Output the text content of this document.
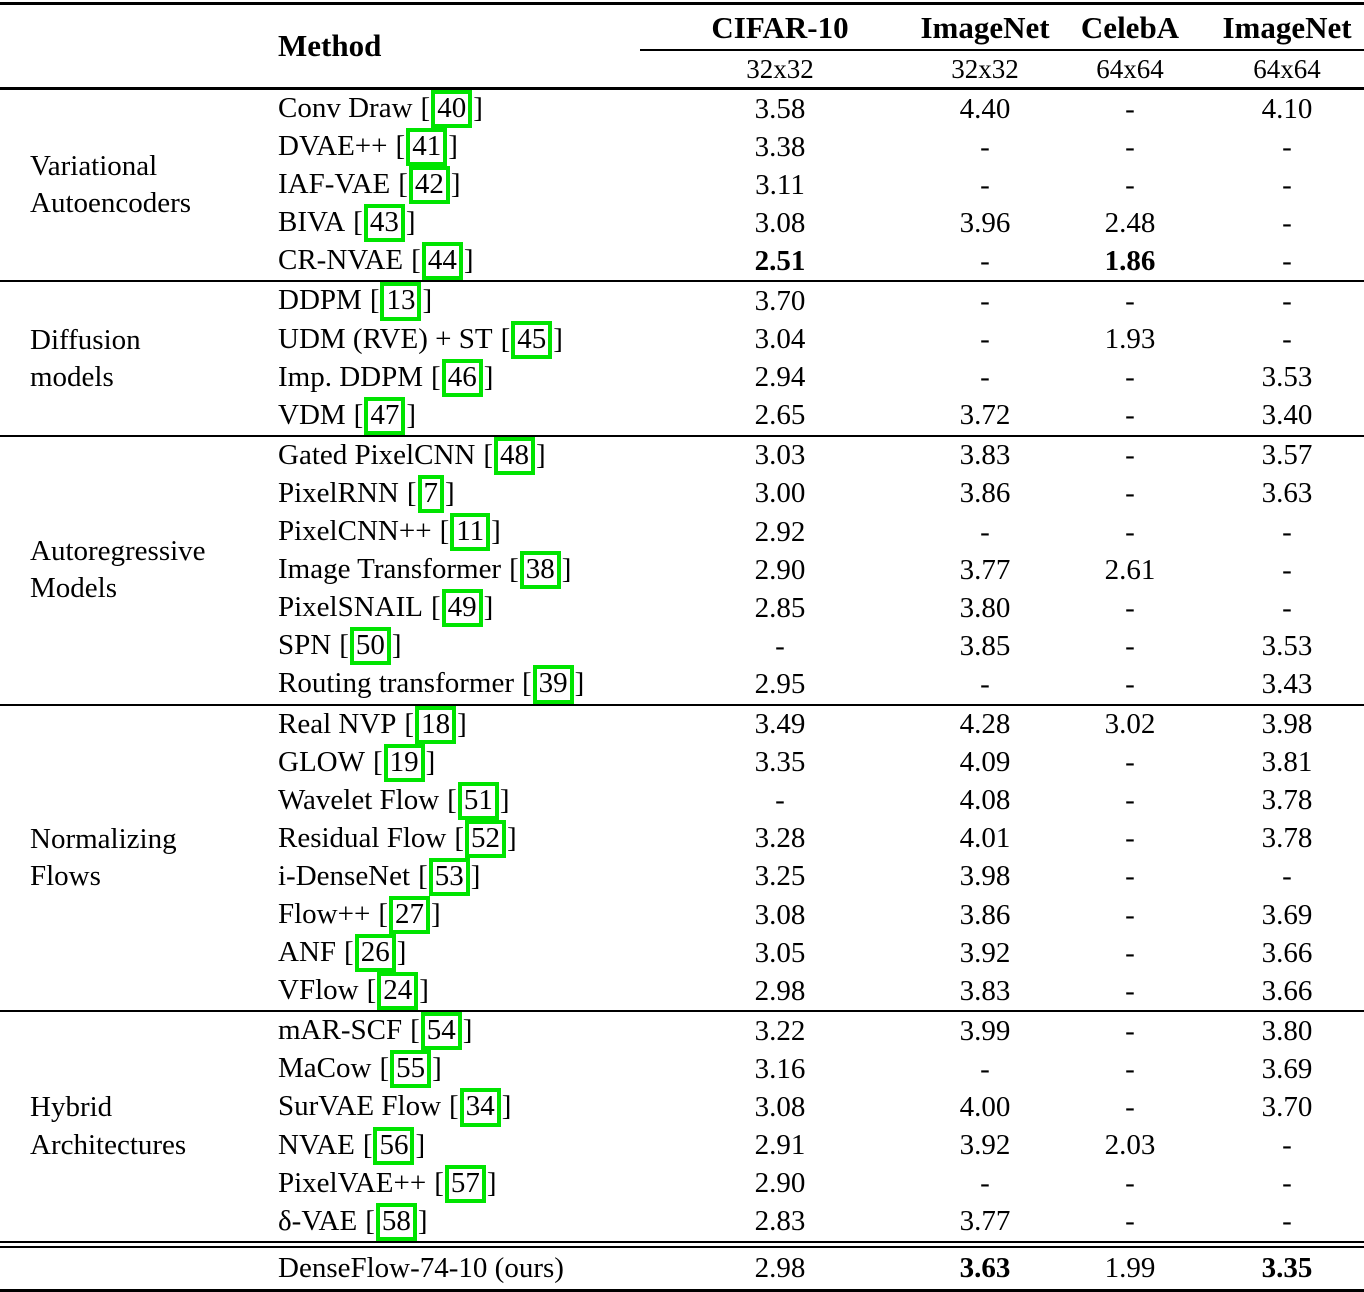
	Method	CIFAR-10	ImageNet	CelebA	ImageNet
		32x32	32x32	64x64	64x64
Variational Autoencoders	Conv Draw [ 40 ]	3.58	4.40	-	4.10
	DVAE++ [ 41 ]	3.38	-	-	-
	IAF-VAE [ 42 ]	3.11	-	-	-
	BIVA [ 43 ]	3.08	3.96	2.48	-
	CR-NVAE [ 44 ]	2.51	-	1.86	-
Diffusion models	DDPM [ 13 ]	3.70	-	-	-
	UDM (RVE) + ST [ 45 ]	3.04	-	1.93	-
	Imp. DDPM [ 46 ]	2.94	-	-	3.53
	VDM [ 47 ]	2.65	3.72	-	3.40
Autoregressive Models	Gated PixelCNN [ 48 ]	3.03	3.83	-	3.57
	PixelRNN [ 7 ]	3.00	3.86	-	3.63
	PixelCNN++ [ 11 ]	2.92	-	-	-
	Image Transformer [ 38 ]	2.90	3.77	2.61	-
	PixelSNAIL [ 49 ]	2.85	3.80	-	-
	SPN [ 50 ]	-	3.85	-	3.53
	Routing transformer [ 39 ]	2.95	-	-	3.43
Normalizing Flows	Real NVP [ 18 ]	3.49	4.28	3.02	3.98
	GLOW [ 19 ]	3.35	4.09	-	3.81
	Wavelet Flow [ 51 ]	-	4.08	-	3.78
	Residual Flow [ 52 ]	3.28	4.01	-	3.78
	i-DenseNet [ 53 ]	3.25	3.98	-	-
	Flow++ [ 27 ]	3.08	3.86	-	3.69
	ANF [ 26 ]	3.05	3.92	-	3.66
	VFlow [ 24 ]	2.98	3.83	-	3.66
Hybrid Architectures	mAR-SCF [ 54 ]	3.22	3.99	-	3.80
	MaCow [ 55 ]	3.16	-	-	3.69
	SurVAE Flow [ 34 ]	3.08	4.00	-	3.70
	NVAE [ 56 ]	2.91	3.92	2.03	-
	PixelVAE++ [ 57 ]	2.90	-	-	-
	δ-VAE [ 58 ]	2.83	3.77	-	-
	DenseFlow-74-10 (ours)	2.98	3.63	1.99	3.35
